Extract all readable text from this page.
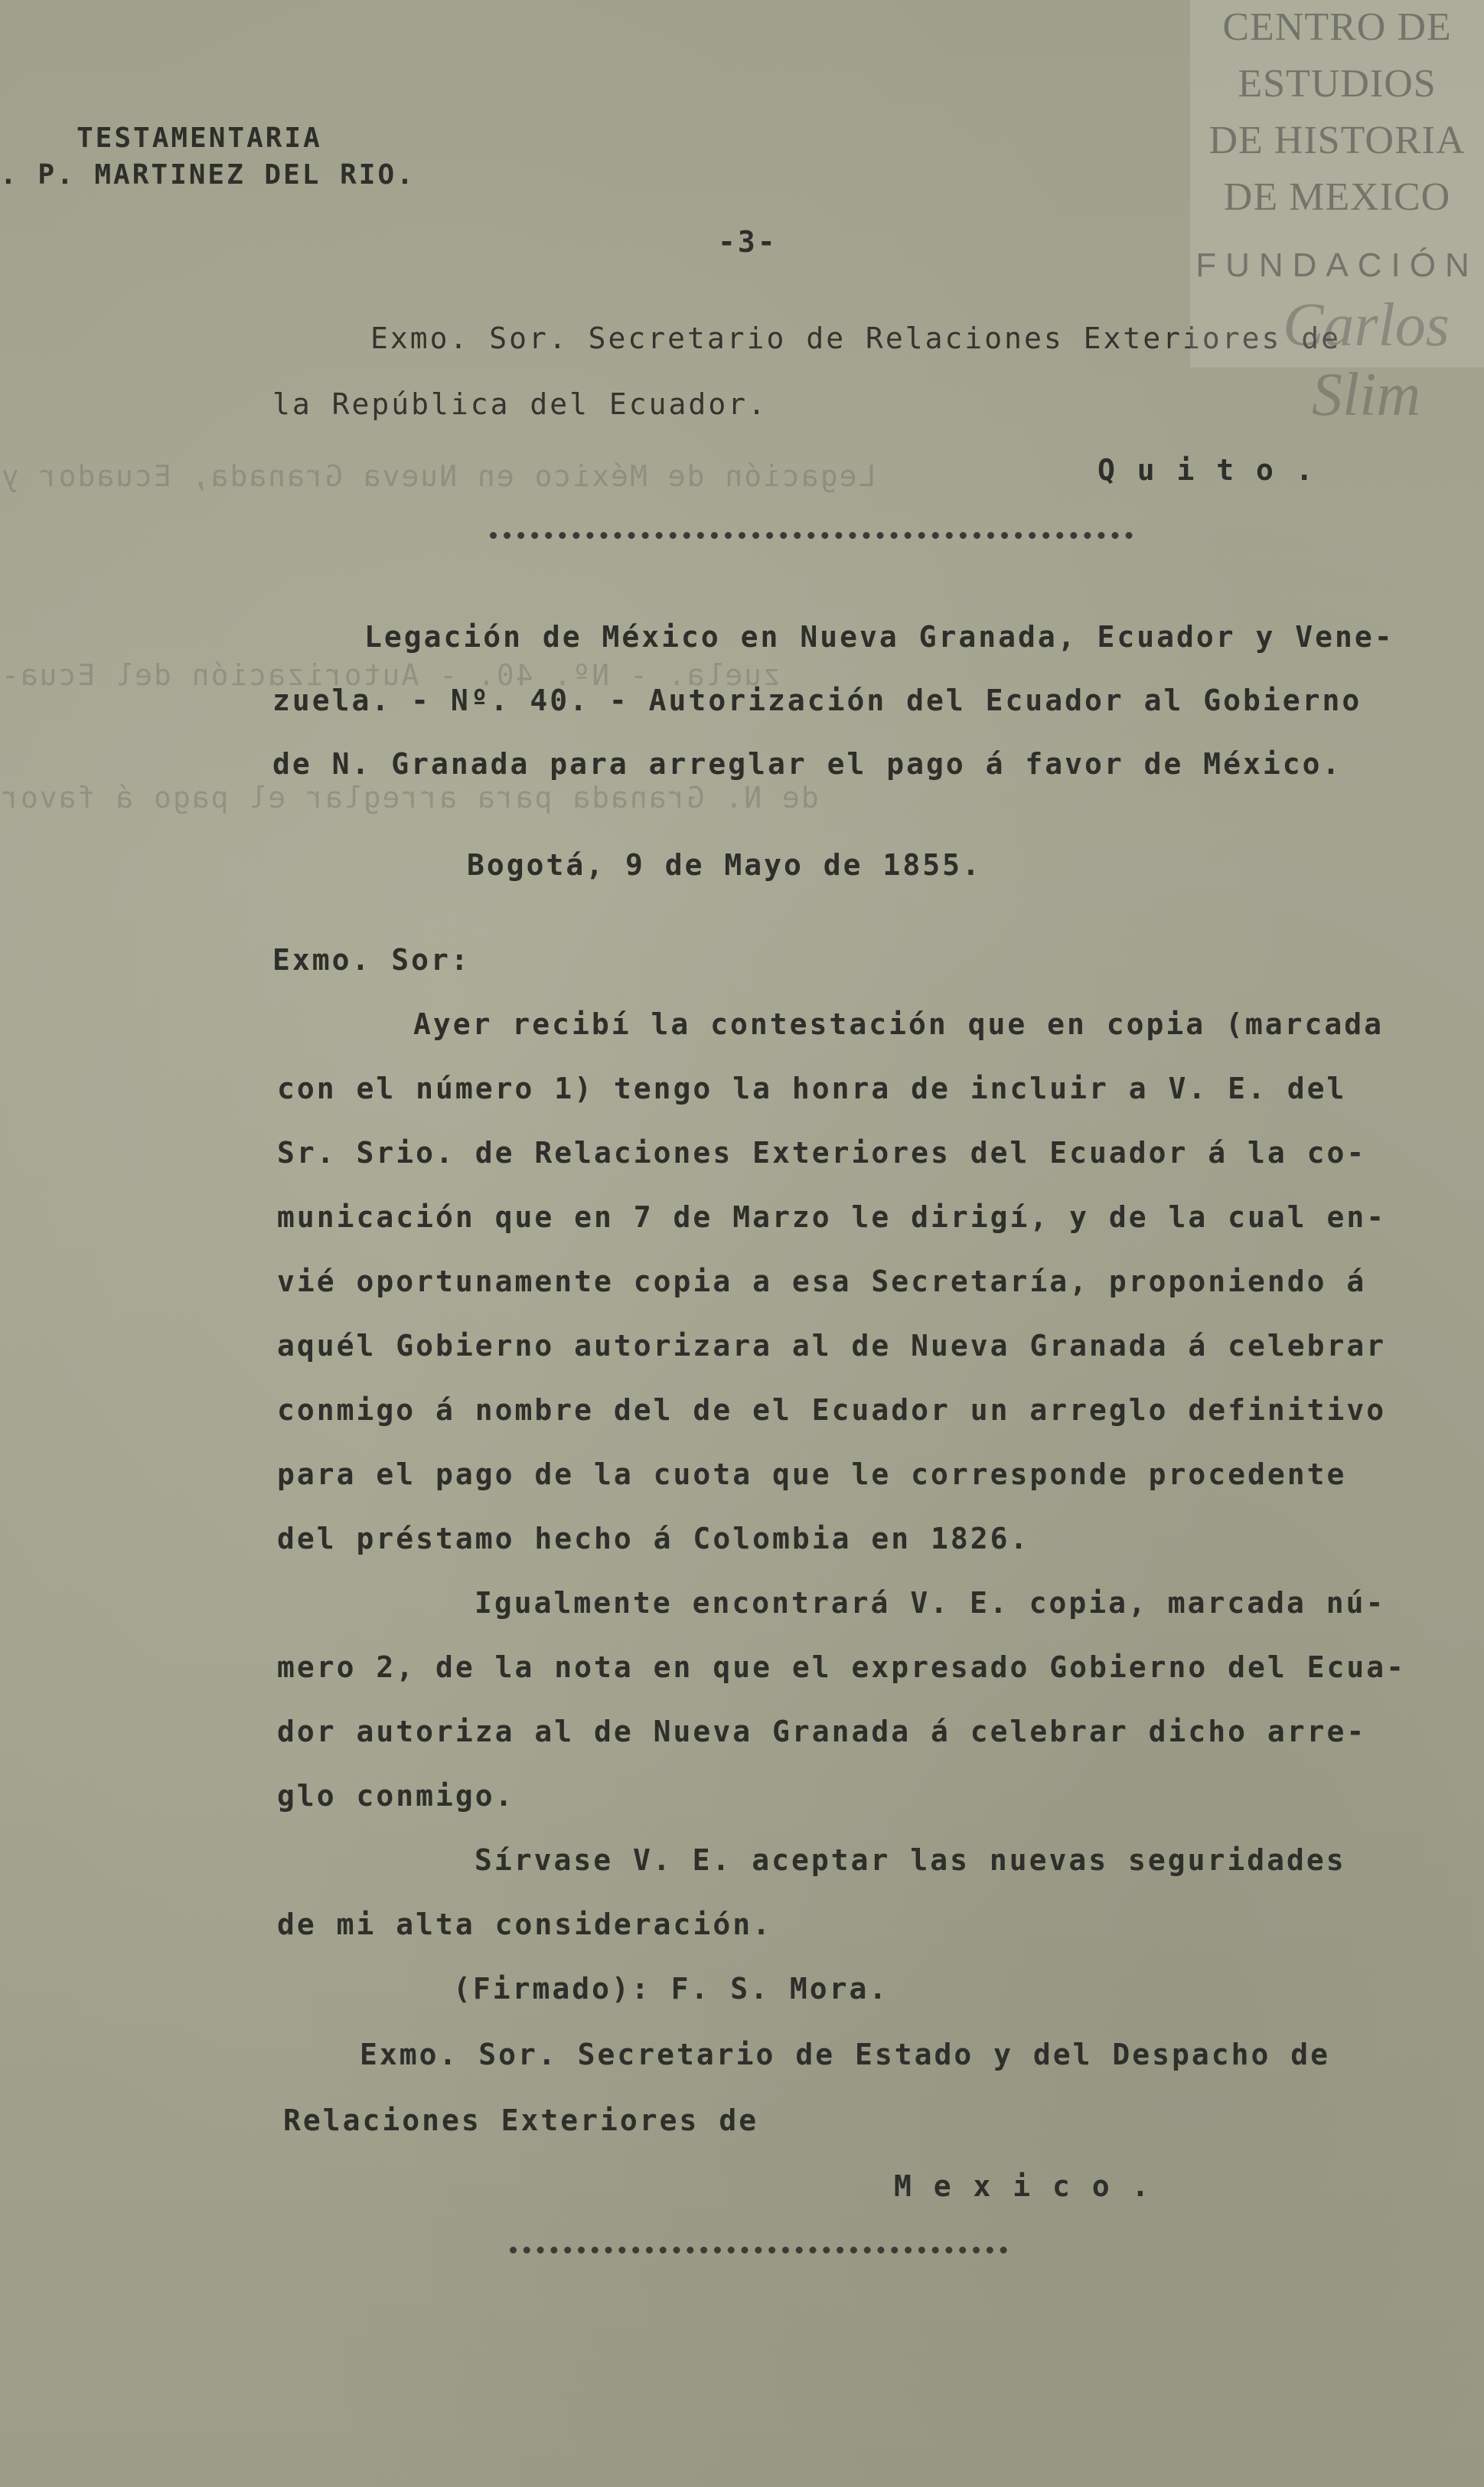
Legación de México en Nueva Granada, Ecuador y
zuela. - Nº. 40. - Autorización del Ecua-
de N. Granada para arreglar el pago á favor
TESTAMENTARIA
. P. MARTINEZ DEL RIO.
-3-
Exmo. Sor. Secretario de Relaciones Exteriores de
la República del Ecuador.
Q u i t o .
Legación de México en Nueva Granada, Ecuador y Vene-
zuela. - Nº. 40. - Autorización del Ecuador al Gobierno
de N. Granada para arreglar el pago á favor de México.
Bogotá, 9 de Mayo de 1855.
Exmo. Sor:
Ayer recibí la contestación que en copia (marcada
con el número 1) tengo la honra de incluir a V. E. del
Sr. Srio. de Relaciones Exteriores del Ecuador á la co-
municación que en 7 de Marzo le dirigí, y de la cual en-
vié oportunamente copia a esa Secretaría, proponiendo á
aquél Gobierno autorizara al de Nueva Granada á celebrar
conmigo á nombre del de el Ecuador un arreglo definitivo
para el pago de la cuota que le corresponde procedente
del préstamo hecho á Colombia en 1826.
Igualmente encontrará V. E. copia, marcada nú-
mero 2, de la nota en que el expresado Gobierno del Ecua-
dor autoriza al de Nueva Granada á celebrar dicho arre-
glo conmigo.
Sírvase V. E. aceptar las nuevas seguridades
de mi alta consideración.
(Firmado): F. S. Mora.
Exmo. Sor. Secretario de Estado y del Despacho de
Relaciones Exteriores de
M e x i c o .
CENTRO DE
ESTUDIOS
DE HISTORIA
DE MEXICO
FUNDACIÓN
Carlos Slim
